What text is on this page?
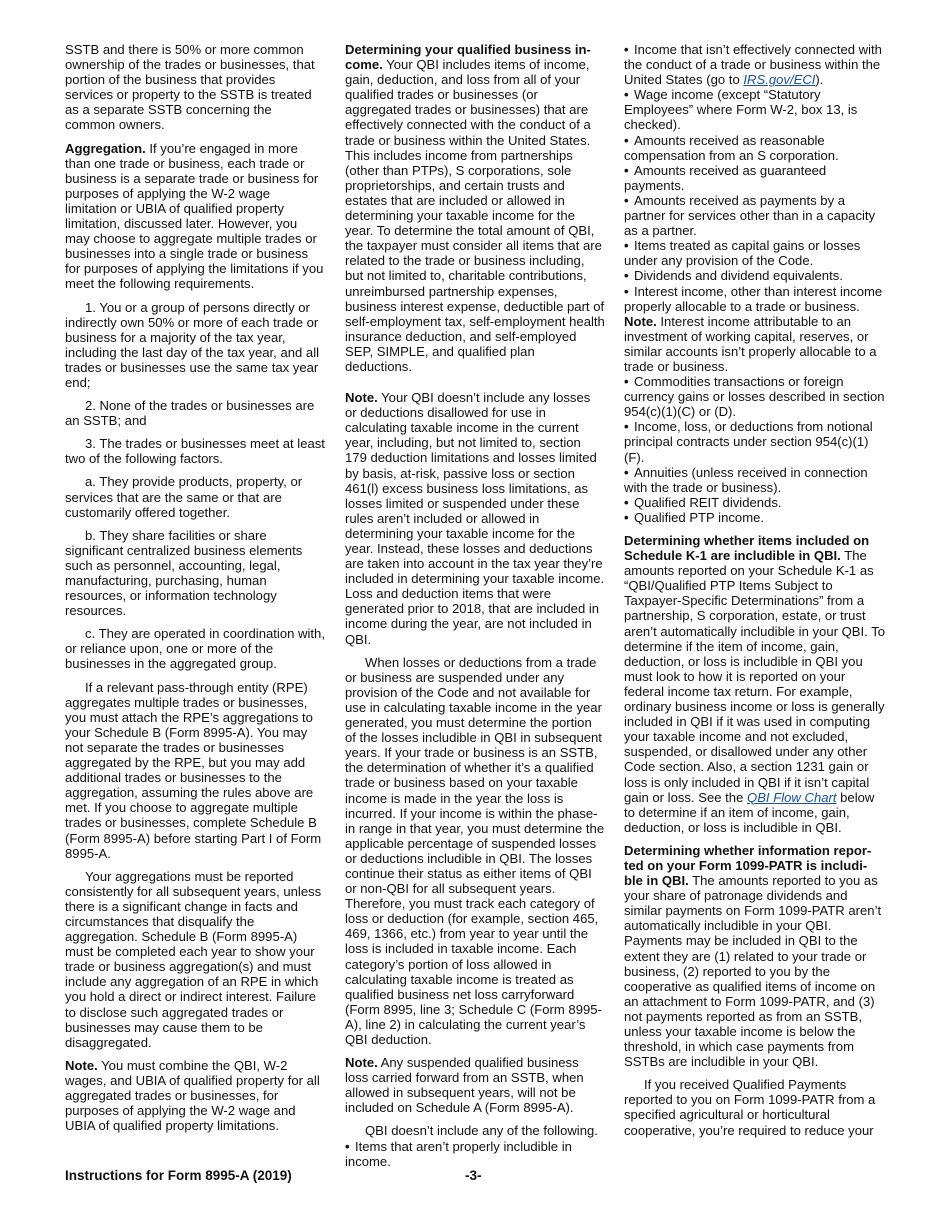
SSTB and there is 50% or more common ownership of the trades or businesses, that portion of the business that provides services or property to the SSTB is treated as a separate SSTB concerning the common owners.

Aggregation. If you’re engaged in more than one trade or business, each trade or business is a separate trade or business for purposes of applying the W-2 wage limitation or UBIA of qualified property limitation, discussed later. However, you may choose to aggregate multiple trades or businesses into a single trade or business for purposes of applying the limitations if you meet the following requirements.

1. You or a group of persons directly or indirectly own 50% or more of each trade or business for a majority of the tax year, including the last day of the tax year, and all trades or businesses use the same tax year end;

2. None of the trades or businesses are an SSTB; and

3. The trades or businesses meet at least two of the following factors.

a. They provide products, property, or services that are the same or that are customarily offered together.

b. They share facilities or share significant centralized business elements such as personnel, accounting, legal, manufacturing, purchasing, human resources, or information technology resources.

c. They are operated in coordination with, or reliance upon, one or more of the businesses in the aggregated group.

If a relevant pass-through entity (RPE) aggregates multiple trades or businesses, you must attach the RPE’s aggregations to your Schedule B (Form 8995-A). You may not separate the trades or businesses aggregated by the RPE, but you may add additional trades or businesses to the aggregation, assuming the rules above are met. If you choose to aggregate multiple trades or businesses, complete Schedule B (Form 8995-A) before starting Part I of Form 8995-A.

Your aggregations must be reported consistently for all subsequent years, unless there is a significant change in facts and circumstances that disqualify the aggregation. Schedule B (Form 8995-A) must be completed each year to show your trade or business aggregation(s) and must include any aggregation of an RPE in which you hold a direct or indirect interest. Failure to disclose such aggregated trades or businesses may cause them to be disaggregated.

Note. You must combine the QBI, W-2 wages, and UBIA of qualified property for all aggregated trades or businesses, for purposes of applying the W-2 wage and UBIA of qualified property limitations.

Determining your qualified business in-come. Your QBI includes items of income, gain, deduction, and loss from all of your qualified trades or businesses (or aggregated trades or businesses) that are effectively connected with the conduct of a trade or business within the United States. This includes income from partnerships (other than PTPs), S corporations, sole proprietorships, and certain trusts and estates that are included or allowed in determining your taxable income for the year. To determine the total amount of QBI, the taxpayer must consider all items that are related to the trade or business including, but not limited to, charitable contributions, unreimbursed partnership expenses, business interest expense, deductible part of self-employment tax, self-employment health insurance deduction, and self-employed SEP, SIMPLE, and qualified plan deductions.

Note. Your QBI doesn’t include any losses or deductions disallowed for use in calculating taxable income in the current year, including, but not limited to, section 179 deduction limitations and losses limited by basis, at-risk, passive loss or section 461(l) excess business loss limitations, as losses limited or suspended under these rules aren’t included or allowed in determining your taxable income for the year. Instead, these losses and deductions are taken into account in the tax year they’re included in determining your taxable income. Loss and deduction items that were generated prior to 2018, that are included in income during the year, are not included in QBI.

When losses or deductions from a trade or business are suspended under any provision of the Code and not available for use in calculating taxable income in the year generated, you must determine the portion of the losses includible in QBI in subsequent years. If your trade or business is an SSTB, the determination of whether it’s a qualified trade or business based on your taxable income is made in the year the loss is incurred. If your income is within the phase-in range in that year, you must determine the applicable percentage of suspended losses or deductions includible in QBI. The losses continue their status as either items of QBI or non-QBI for all subsequent years. Therefore, you must track each category of loss or deduction (for example, section 465, 469, 1366, etc.) from year to year until the loss is included in taxable income. Each category’s portion of loss allowed in calculating taxable income is treated as qualified business net loss carryforward (Form 8995, line 3; Schedule C (Form 8995-A), line 2) in calculating the current year’s QBI deduction.

Note. Any suspended qualified business loss carried forward from an SSTB, when allowed in subsequent years, will not be included on Schedule A (Form 8995-A).

QBI doesn’t include any of the following.

• Items that aren’t properly includible in income.
• Income that isn’t effectively connected with the conduct of a trade or business within the United States (go to IRS.gov/ECI).
• Wage income (except “Statutory Employees” where Form W-2, box 13, is checked).
• Amounts received as reasonable compensation from an S corporation.
• Amounts received as guaranteed payments.
• Amounts received as payments by a partner for services other than in a capacity as a partner.
• Items treated as capital gains or losses under any provision of the Code.
• Dividends and dividend equivalents.
• Interest income, other than interest income properly allocable to a trade or business.

Note. Interest income attributable to an investment of working capital, reserves, or similar accounts isn’t properly allocable to a trade or business.

• Commodities transactions or foreign currency gains or losses described in section 954(c)(1)(C) or (D).
• Income, loss, or deductions from notional principal contracts under section 954(c)(1)(F).
• Annuities (unless received in connection with the trade or business).
• Qualified REIT dividends.
• Qualified PTP income.

Determining whether items included on Schedule K-1 are includible in QBI. The amounts reported on your Schedule K-1 as “QBI/Qualified PTP Items Subject to Taxpayer-Specific Determinations” from a partnership, S corporation, estate, or trust aren’t automatically includible in your QBI. To determine if the item of income, gain, deduction, or loss is includible in QBI you must look to how it is reported on your federal income tax return. For example, ordinary business income or loss is generally included in QBI if it was used in computing your taxable income and not excluded, suspended, or disallowed under any other Code section. Also, a section 1231 gain or loss is only included in QBI if it isn’t capital gain or loss. See the QBI Flow Chart below to determine if an item of income, gain, deduction, or loss is includible in QBI.

Determining whether information repor-ted on your Form 1099-PATR is includi-ble in QBI. The amounts reported to you as your share of patronage dividends and similar payments on Form 1099-PATR aren’t automatically includible in your QBI. Payments may be included in QBI to the extent they are (1) related to your trade or business, (2) reported to you by the cooperative as qualified items of income on an attachment to Form 1099-PATR, and (3) not payments reported as from an SSTB, unless your taxable income is below the threshold, in which case payments from SSTBs are includible in your QBI.

If you received Qualified Payments reported to you on Form 1099-PATR from a specified agricultural or horticultural cooperative, you’re required to reduce your

Instructions for Form 8995-A (2019)	-3-
